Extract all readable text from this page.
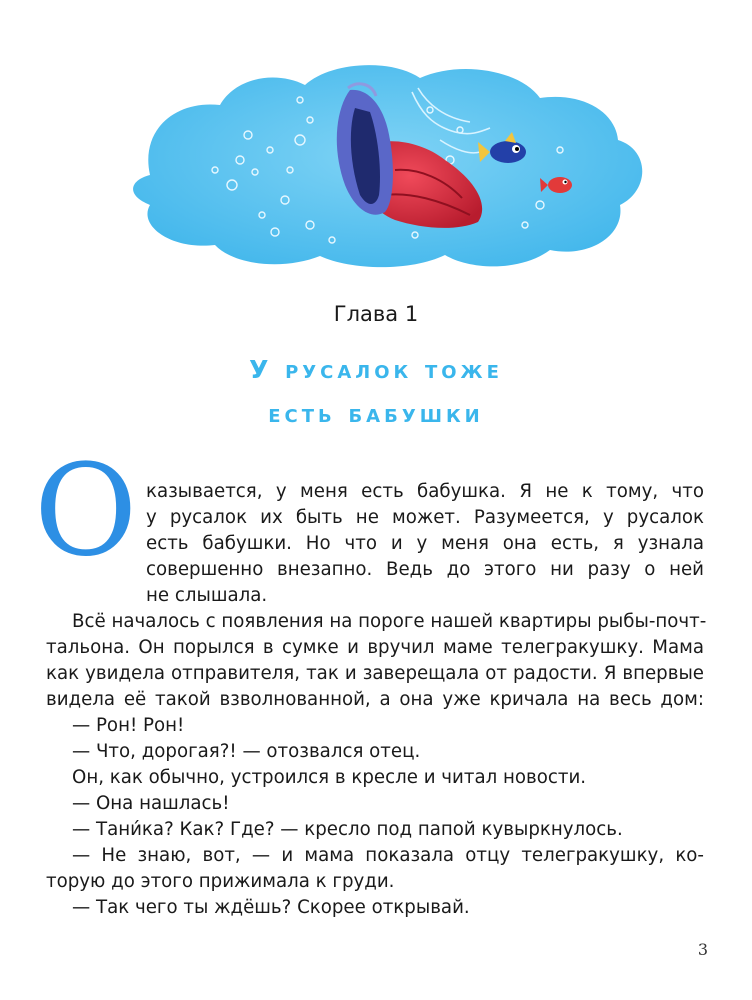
Глава 1
У русалок тоже
есть бабушки
О казывается, у меня есть бабушка. Я не к тому, что
у русалок их быть не может. Разумеется, у русалок
есть бабушки. Но что и у меня она есть, я узнала
совершенно внезапно. Ведь до этого ни разу о ней
не слышала.
Всё началось с появления на пороге нашей квартиры рыбы-почт-
тальона. Он порылся в сумке и вручил маме телегракушку. Мама
как увидела отправителя, так и заверещала от радости. Я впервые
видела её такой взволнованной, а она уже кричала на весь дом:
— Рон! Рон!
— Что, дорогая?! — отозвался отец.
Он, как обычно, устроился в кресле и читал новости.
— Она нашлась!
— Тани́ка? Как? Где? — кресло под папой кувыркнулось.
— Не знаю, вот, — и мама показала отцу телегракушку, ко-
торую до этого прижимала к груди.
— Так чего ты ждёшь? Скорее открывай.
3
